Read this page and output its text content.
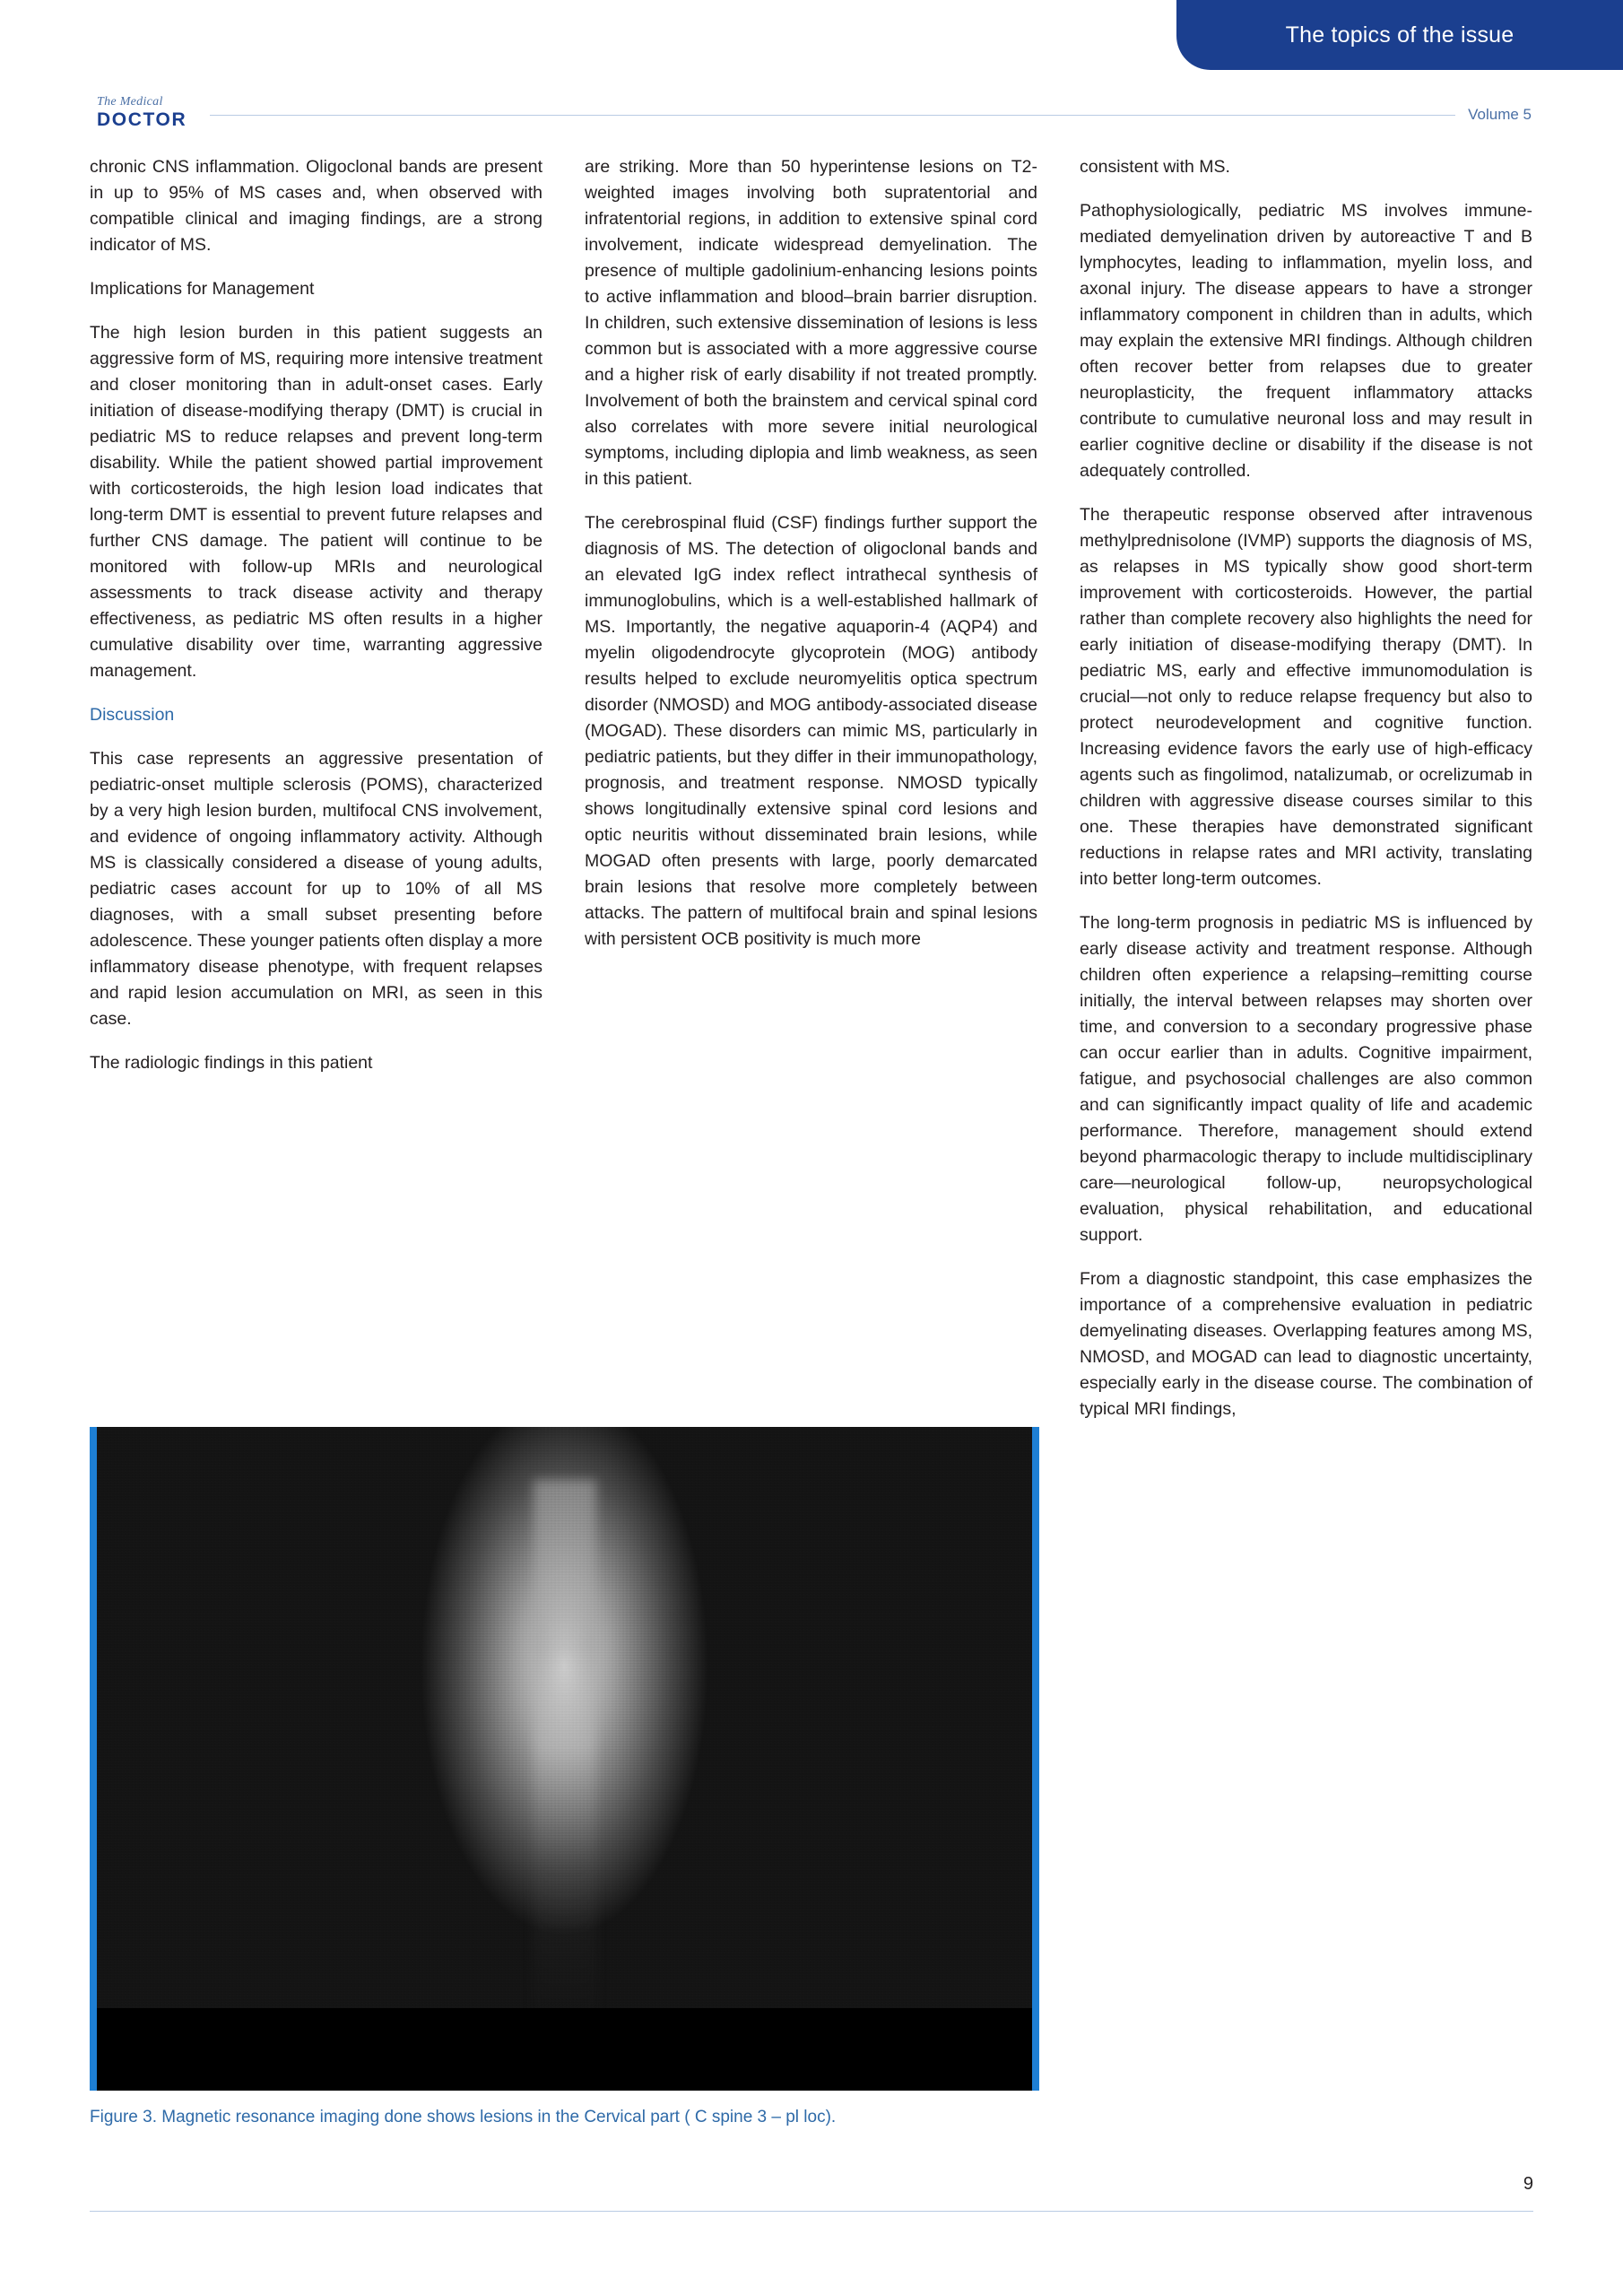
The topics of the issue
The Medical
DOCTOR	Volume 5

chronic CNS inflammation. Oligoclonal bands are present in up to 95% of MS cases and, when observed with compatible clinical and imaging findings, are a strong indicator of MS.

Implications for Management

The high lesion burden in this patient suggests an aggressive form of MS, requiring more intensive treatment and closer monitoring than in adult-onset cases. Early initiation of disease-modifying therapy (DMT) is crucial in pediatric MS to reduce relapses and prevent long-term disability. While the patient showed partial improvement with corticosteroids, the high lesion load indicates that long-term DMT is essential to prevent future relapses and further CNS damage. The patient will continue to be monitored with follow-up MRIs and neurological assessments to track disease activity and therapy effectiveness, as pediatric MS often results in a higher cumulative disability over time, warranting aggressive management.

Discussion

This case represents an aggressive presentation of pediatric-onset multiple sclerosis (POMS), characterized by a very high lesion burden, multifocal CNS involvement, and evidence of ongoing inflammatory activity. Although MS is classically considered a disease of young adults, pediatric cases account for up to 10% of all MS diagnoses, with a small subset presenting before adolescence. These younger patients often display a more inflammatory disease phenotype, with frequent relapses and rapid lesion accumulation on MRI, as seen in this case.

The radiologic findings in this patient

are striking. More than 50 hyperintense lesions on T2-weighted images involving both supratentorial and infratentorial regions, in addition to extensive spinal cord involvement, indicate widespread demyelination. The presence of multiple gadolinium-enhancing lesions points to active inflammation and blood–brain barrier disruption. In children, such extensive dissemination of lesions is less common but is associated with a more aggressive course and a higher risk of early disability if not treated promptly. Involvement of both the brainstem and cervical spinal cord also correlates with more severe initial neurological symptoms, including diplopia and limb weakness, as seen in this patient.

The cerebrospinal fluid (CSF) findings further support the diagnosis of MS. The detection of oligoclonal bands and an elevated IgG index reflect intrathecal synthesis of immunoglobulins, which is a well-established hallmark of MS. Importantly, the negative aquaporin-4 (AQP4) and myelin oligodendrocyte glycoprotein (MOG) antibody results helped to exclude neuromyelitis optica spectrum disorder (NMOSD) and MOG antibody-associated disease (MOGAD). These disorders can mimic MS, particularly in pediatric patients, but they differ in their immunopathology, prognosis, and treatment response. NMOSD typically shows longitudinally extensive spinal cord lesions and optic neuritis without disseminated brain lesions, while MOGAD often presents with large, poorly demarcated brain lesions that resolve more completely between attacks. The pattern of multifocal brain and spinal lesions with persistent OCB positivity is much more

consistent with MS.

Pathophysiologically, pediatric MS involves immune-mediated demyelination driven by autoreactive T and B lymphocytes, leading to inflammation, myelin loss, and axonal injury. The disease appears to have a stronger inflammatory component in children than in adults, which may explain the extensive MRI findings. Although children often recover better from relapses due to greater neuroplasticity, the frequent inflammatory attacks contribute to cumulative neuronal loss and may result in earlier cognitive decline or disability if the disease is not adequately controlled.

The therapeutic response observed after intravenous methylprednisolone (IVMP) supports the diagnosis of MS, as relapses in MS typically show good short-term improvement with corticosteroids. However, the partial rather than complete recovery also highlights the need for early initiation of disease-modifying therapy (DMT). In pediatric MS, early and effective immunomodulation is crucial—not only to reduce relapse frequency but also to protect neurodevelopment and cognitive function. Increasing evidence favors the early use of high-efficacy agents such as fingolimod, natalizumab, or ocrelizumab in children with aggressive disease courses similar to this one. These therapies have demonstrated significant reductions in relapse rates and MRI activity, translating into better long-term outcomes.

The long-term prognosis in pediatric MS is influenced by early disease activity and treatment response. Although children often experience a relapsing–remitting course initially, the interval between relapses may shorten over time, and conversion to a secondary progressive phase can occur earlier than in adults. Cognitive impairment, fatigue, and psychosocial challenges are also common and can significantly impact quality of life and academic performance. Therefore, management should extend beyond pharmacologic therapy to include multidisciplinary care—neurological follow-up, neuropsychological evaluation, physical rehabilitation, and educational support.

From a diagnostic standpoint, this case emphasizes the importance of a comprehensive evaluation in pediatric demyelinating diseases. Overlapping features among MS, NMOSD, and MOGAD can lead to diagnostic uncertainty, especially early in the disease course. The combination of typical MRI findings,

Figure 3. Magnetic resonance imaging done shows lesions in the Cervical part ( C spine 3 – pl loc).
9
